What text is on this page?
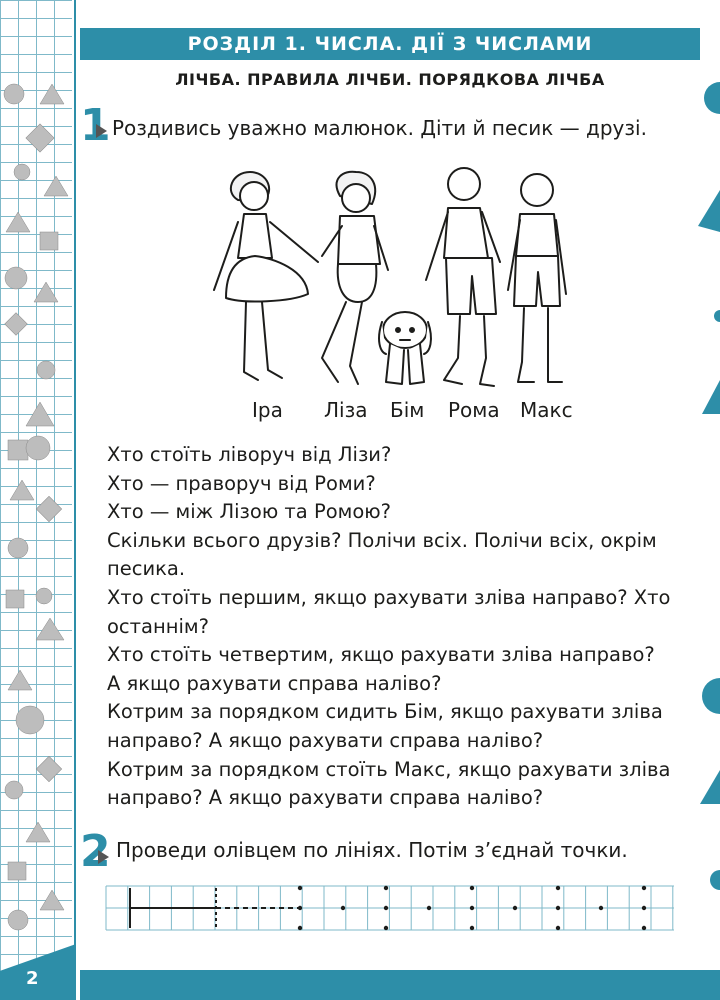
РОЗДІЛ 1. ЧИСЛА. ДІЇ З ЧИСЛАМИ
ЛІЧБА. ПРАВИЛА ЛІЧБИ. ПОРЯДКОВА ЛІЧБА
1 Роздивись уважно малюнок. Діти й песик — друзі.
Іра Ліза Бім Рома Макс
Хто стоїть ліворуч від Лізи?
Хто — праворуч від Роми?
Хто — між Лізою та Ромою?
Скільки всього друзів? Полічи всіх. Полічи всіх, окрім
песика.
Хто стоїть першим, якщо рахувати зліва направо? Хто
останнім?
Хто стоїть четвертим, якщо рахувати зліва направо?
А якщо рахувати справа наліво?
Котрим за порядком сидить Бім, якщо рахувати зліва
направо? А якщо рахувати справа наліво?
Котрим за порядком стоїть Макс, якщо рахувати зліва
направо? А якщо рахувати справа наліво?
2 Проведи олівцем по лініях. Потім з’єднай точки.
2
